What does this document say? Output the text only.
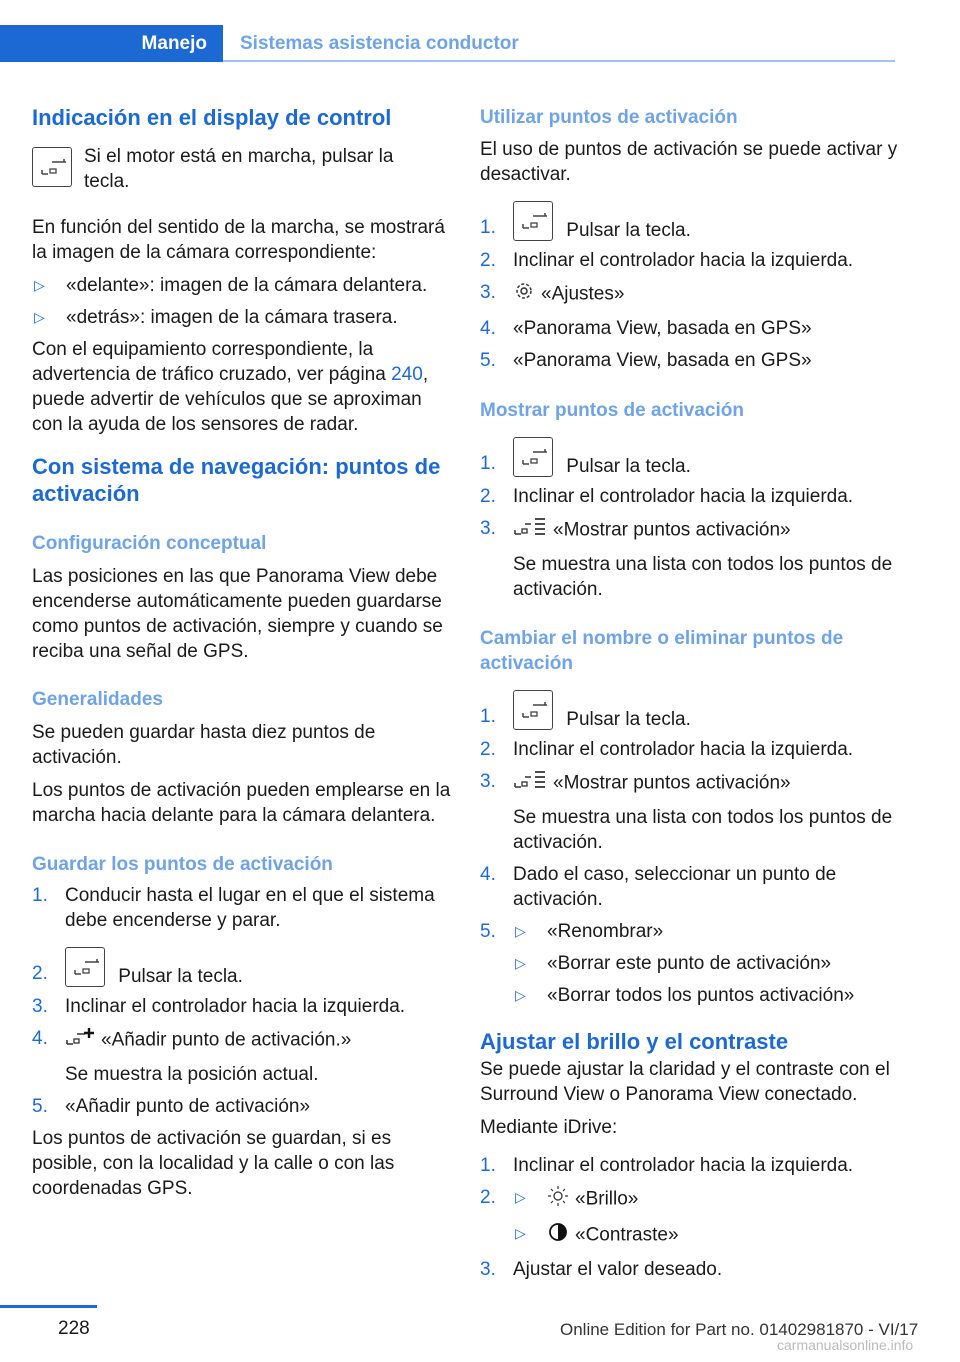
Manejo Sistemas asistencia conductor
Indicación en el display de control
Si el motor está en marcha, pulsar la tecla.
En función del sentido de la marcha, se mostrará la imagen de la cámara correspondiente:
▷ «delante»: imagen de la cámara delantera.
▷ «detrás»: imagen de la cámara trasera.
Con el equipamiento correspondiente, la advertencia de tráfico cruzado, ver página 240, puede advertir de vehículos que se aproximan con la ayuda de los sensores de radar.
Con sistema de navegación: puntos de activación
Configuración conceptual
Las posiciones en las que Panorama View debe encenderse automáticamente pueden guardarse como puntos de activación, siempre y cuando se reciba una señal de GPS.
Generalidades
Se pueden guardar hasta diez puntos de activación.
Los puntos de activación pueden emplearse en la marcha hacia delante para la cámara delantera.
Guardar los puntos de activación
1. Conducir hasta el lugar en el que el sistema debe encenderse y parar.
2.	Pulsar la tecla.
3. Inclinar el controlador hacia la izquierda.
4.	«Añadir punto de activación.»
Se muestra la posición actual.
5. «Añadir punto de activación»
Los puntos de activación se guardan, si es posible, con la localidad y la calle o con las coordenadas GPS.
Utilizar puntos de activación
El uso de puntos de activación se puede activar y desactivar.
1.	Pulsar la tecla.
2. Inclinar el controlador hacia la izquierda.
3. «Ajustes»
4. «Panorama View, basada en GPS»
5. «Panorama View, basada en GPS»
Mostrar puntos de activación
1.	Pulsar la tecla.
2. Inclinar el controlador hacia la izquierda.
3.	«Mostrar puntos activación»
Se muestra una lista con todos los puntos de activación.
Cambiar el nombre o eliminar puntos de activación
1.	Pulsar la tecla.
2. Inclinar el controlador hacia la izquierda.
3.	«Mostrar puntos activación»
Se muestra una lista con todos los puntos de activación.
4. Dado el caso, seleccionar un punto de activación.
5. ▷ «Renombrar»
▷ «Borrar este punto de activación»
▷ «Borrar todos los puntos activación»
Ajustar el brillo y el contraste
Se puede ajustar la claridad y el contraste con el Surround View o Panorama View conectado.
Mediante iDrive:
1. Inclinar el controlador hacia la izquierda.
2. ▷	«Brillo»
▷	«Contraste»
3. Ajustar el valor deseado.
228	Online Edition for Part no. 01402981870 - VI/17
carmanualsonline.info
